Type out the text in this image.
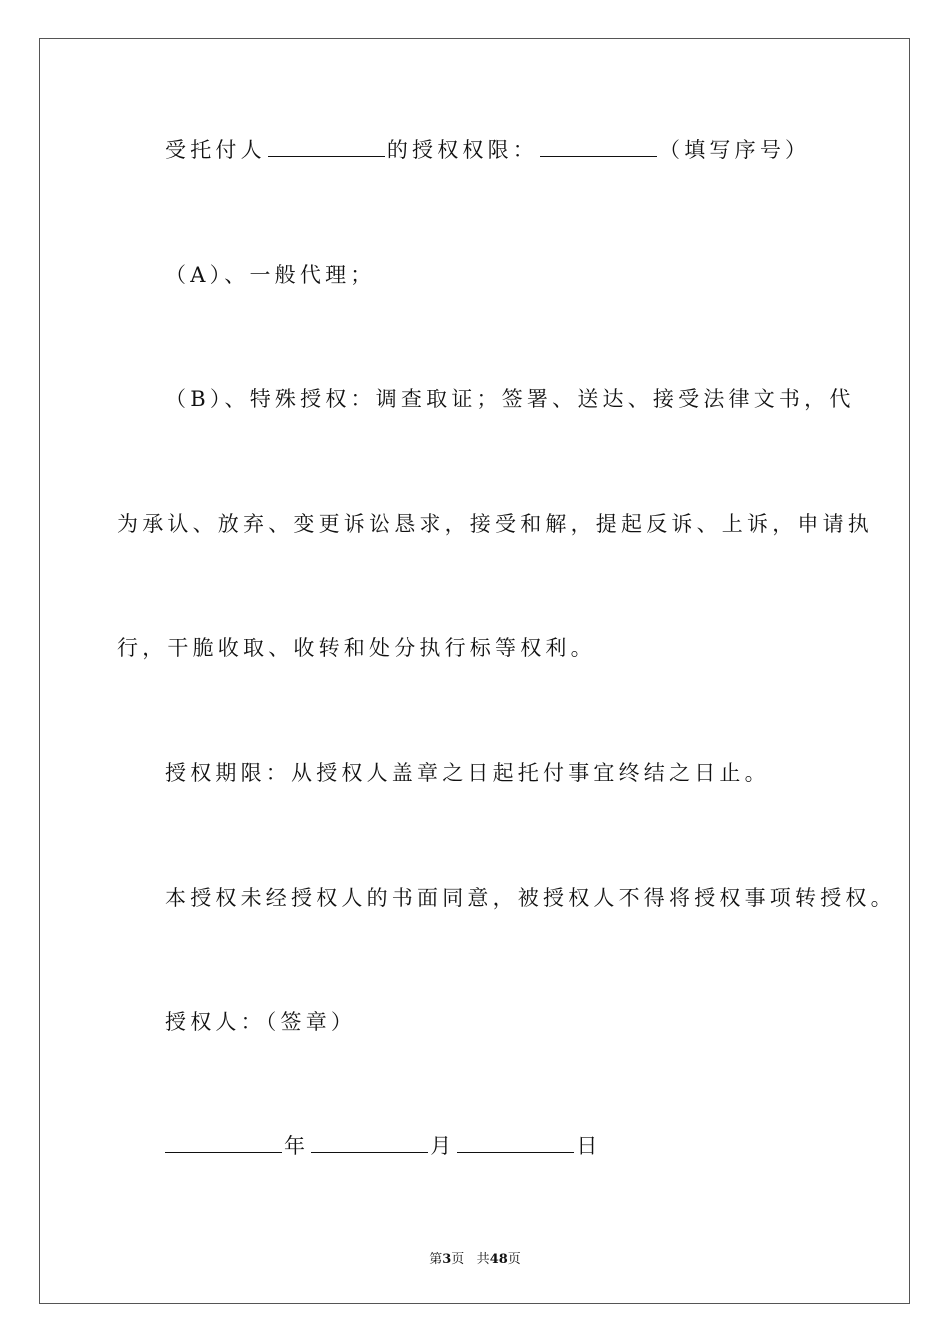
受托付人	的授权权限：	（填写序号）
（A）、一般代理；
（B）、特殊授权：调查取证；签署、送达、接受法律文书，代
为承认、放弃、变更诉讼恳求，接受和解，提起反诉、上诉，申请执
行，干脆收取、收转和处分执行标等权利。
授权期限：从授权人盖章之日起托付事宜终结之日止。
本授权未经授权人的书面同意，被授权人不得将授权事项转授权。
授权人：（签章）
年	月	日
第3页 共48页
